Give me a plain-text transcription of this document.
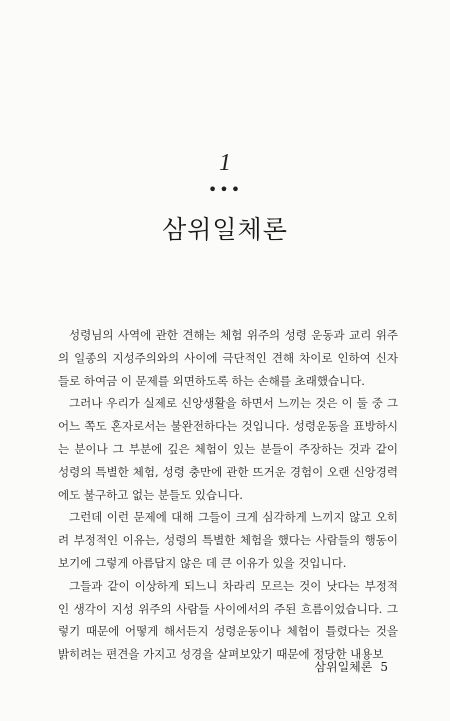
1
•••
삼위일체론

성령님의 사역에 관한 견해는 체험 위주의 성령 운동과 교리 위주의 일종의 지성주의와의 사이에 극단적인 견해 차이로 인하여 신자들로 하여금 이 문제를 외면하도록 하는 손해를 초래했습니다.

그러나 우리가 실제로 신앙생활을 하면서 느끼는 것은 이 둘 중 그 어느 쪽도 혼자로서는 불완전하다는 것입니다. 성령운동을 표방하시는 분이나 그 부분에 깊은 체험이 있는 분들이 주장하는 것과 같이 성령의 특별한 체험, 성령 충만에 관한 뜨거운 경험이 오랜 신앙경력에도 불구하고 없는 분들도 있습니다.

그런데 이런 문제에 대해 그들이 크게 심각하게 느끼지 않고 오히려 부정적인 이유는, 성령의 특별한 체험을 했다는 사람들의 행동이 보기에 그렇게 아름답지 않은 데 큰 이유가 있을 것입니다.

그들과 같이 이상하게 되느니 차라리 모르는 것이 낫다는 부정적인 생각이 지성 위주의 사람들 사이에서의 주된 흐름이었습니다. 그렇기 때문에 어떻게 해서든지 성령운동이나 체험이 틀렸다는 것을 밝히려는 편견을 가지고 성경을 살펴보았기 때문에 정당한 내용보

삼위일체론 5
